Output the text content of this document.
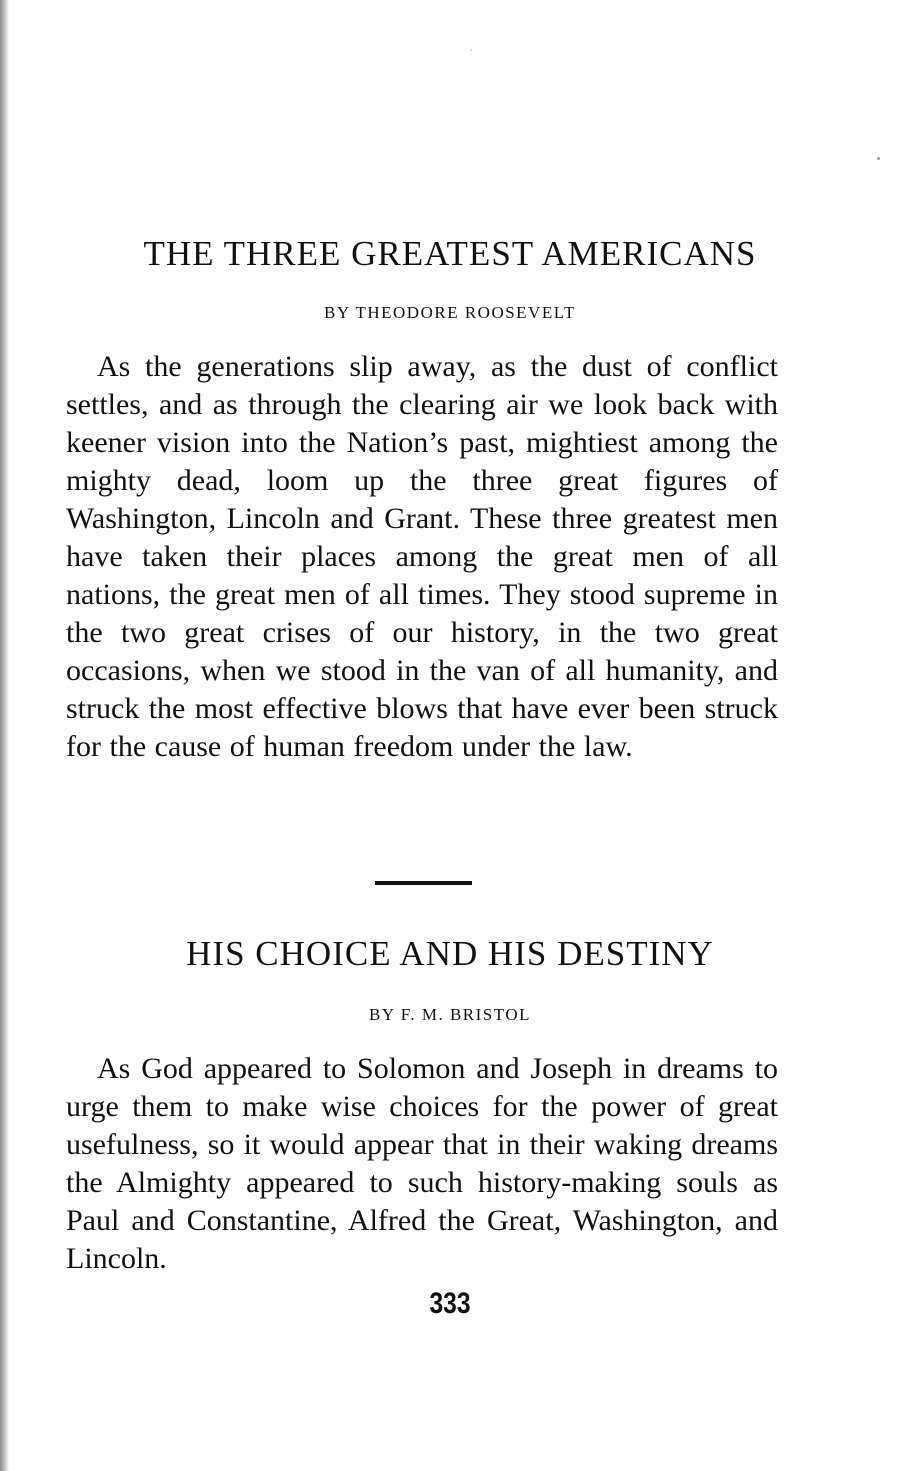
THE THREE GREATEST AMERICANS

BY THEODORE ROOSEVELT

As the generations slip away, as the dust of conflict settles, and as through the clearing air we look back with keener vision into the Nation’s past, mightiest among the mighty dead, loom up the three great figures of Washington, Lincoln and Grant. These three greatest men have taken their places among the great men of all nations, the great men of all times. They stood supreme in the two great crises of our history, in the two great occasions, when we stood in the van of all humanity, and struck the most effective blows that have ever been struck for the cause of human freedom under the law.

HIS CHOICE AND HIS DESTINY

BY F. M. BRISTOL

As God appeared to Solomon and Joseph in dreams to urge them to make wise choices for the power of great usefulness, so it would appear that in their waking dreams the Almighty appeared to such history-making souls as Paul and Constantine, Alfred the Great, Washington, and Lincoln.

333
